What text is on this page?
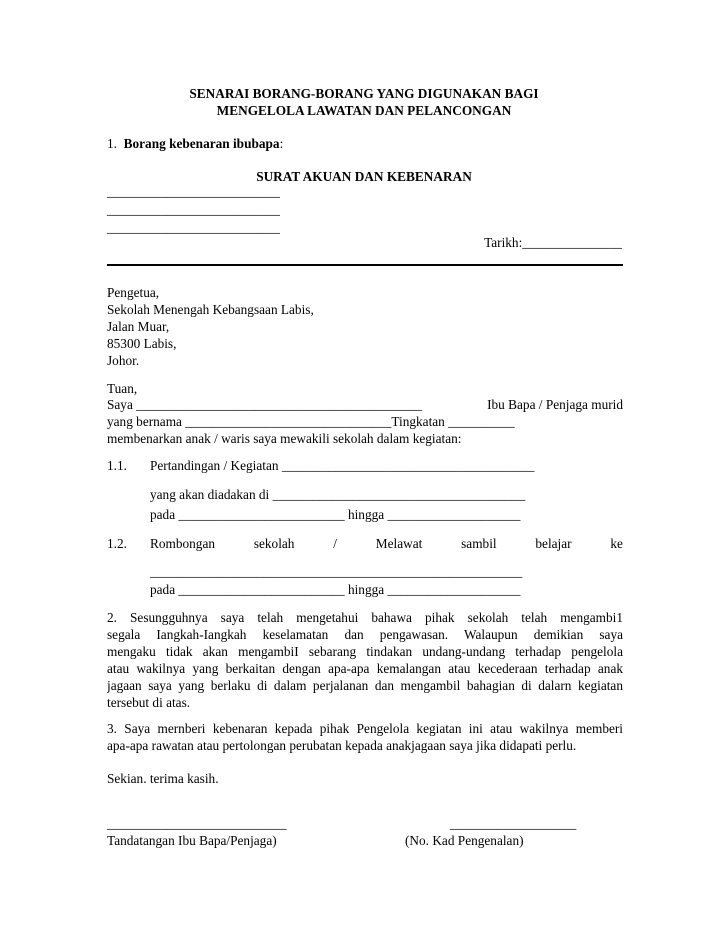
SENARAI BORANG-BORANG YANG DIGUNAKAN BAGI
MENGELOLA LAWATAN DAN PELANCONGAN
1. Borang kebenaran ibubapa:
SURAT AKUAN DAN KEBENARAN
__________________________
__________________________
__________________________
Tarikh:_______________
Pengetua,
Sekolah Menengah Kebangsaan Labis,
Jalan Muar,
85300 Labis,
Johor.
Tuan,
Saya ___________________________________________	Ibu Bapa / Penjaga murid
yang bernama _______________________________Tingkatan __________
membenarkan anak / waris saya mewakili sekolah dalam kegiatan:
1.1. Pertandingan / Kegiatan ______________________________________
yang akan diadakan di ______________________________________
pada _________________________ hingga ____________________
1.2. Rombongan	sekolah	/	Melawat	sambil	belajar	ke
________________________________________________________
pada _________________________ hingga ____________________
2. Sesungguhnya saya telah mengetahui bahawa pihak sekolah telah mengambi1
segala Iangkah-Iangkah keselamatan dan pengawasan. Walaupun demikian saya
mengaku tidak akan mengambiI sebarang tindakan undang-undang terhadap pengelola
atau wakilnya yang berkaitan dengan apa-apa kemalangan atau kecederaan terhadap anak
jagaan saya yang berlaku di dalam perjalanan dan mengambil bahagian di dalarn kegiatan
tersebut di atas.
3. Saya mernberi kebenaran kepada pihak Pengelola kegiatan ini atau wakilnya memberi
apa-apa rawatan atau pertolongan perubatan kepada anakjagaan saya jika didapati perlu.
Sekian. terima kasih.
___________________________	___________________
Tandatangan Ibu Bapa/Penjaga)	(No. Kad Pengenalan)
